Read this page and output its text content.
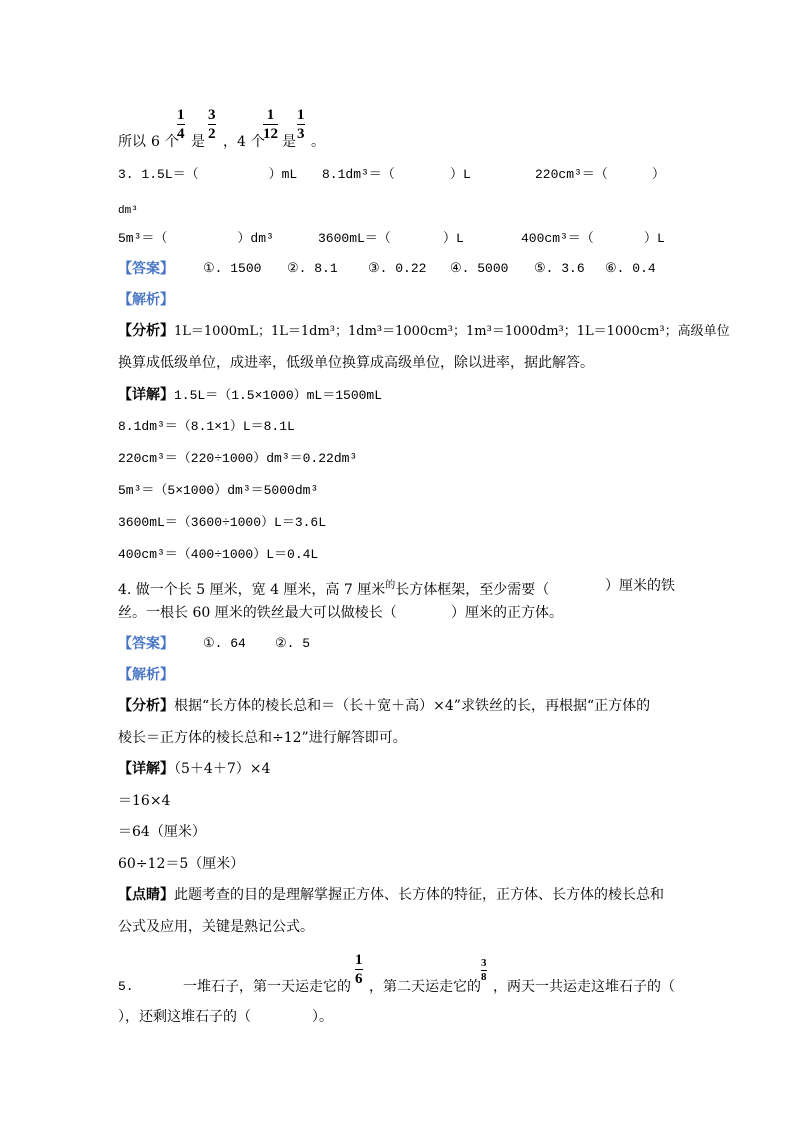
1
4
3
2
1
12
1
3
所以 6 个 是 ，4 个 是 。
3. 1.5L＝（	）mL 8.1dm³＝（	）L	220cm³＝（	）
dm³
5m³＝（	）dm³	3600mL＝（	）L	400cm³＝（	）L
【答案】 ①. 1500 ②. 8.1 ③. 0.22 ④. 5000 ⑤. 3.6 ⑥. 0.4
【解析】
【分析】1L＝1000mL；1L＝1dm³；1dm³＝1000cm³；1m³＝1000dm³；1L＝1000cm³；高级单位
换算成低级单位，成进率，低级单位换算成高级单位，除以进率，据此解答。
【详解】1.5L＝（1.5×1000）mL＝1500mL
8.1dm³＝（8.1×1）L＝8.1L
220cm³＝（220÷1000）dm³＝0.22dm³
5m³＝（5×1000）dm³＝5000dm³
3600mL＝（3600÷1000）L＝3.6L
400cm³＝（400÷1000）L＝0.4L
4. 做一个长 5 厘米，宽 4 厘米，高 7 厘米$^的$长方体框架，至少需要（	）厘米的铁
丝。一根长 60 厘米的铁丝最大可以做棱长（	）厘米的正方体。
【答案】 ①. 64 ②. 5
【解析】
【分析】根据“长方体的棱长总和＝（长＋宽＋高）×4”求铁丝的长，再根据“正方体的
棱长＝正方体的棱长总和÷12”进行解答即可。
【详解】（5＋4＋7）×4
＝16×4
＝64（厘米）
60÷12＝5（厘米）
【点睛】此题考查的目的是理解掌握正方体、长方体的特征，正方体、长方体的棱长总和
公式及应用，关键是熟记公式。
1
6
3
8
5.	一堆石子，第一天运走它的 ，第二天运走它的 ，两天一共运走这堆石子的（
），还剩这堆石子的（	）。
